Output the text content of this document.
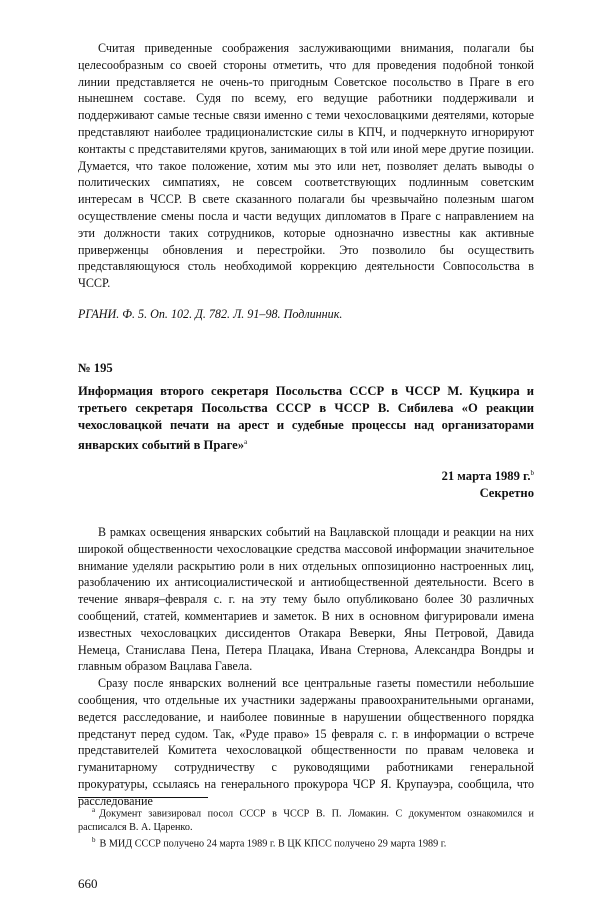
Считая приведенные соображения заслуживающими внимания, полагали бы целесообразным со своей стороны отметить, что для проведения подобной тонкой линии представляется не очень-то пригодным Советское посольство в Праге в его нынешнем составе. Судя по всему, его ведущие работники поддерживали и поддерживают самые тесные связи именно с теми чехословацкими деятелями, которые представляют наиболее традиционалистские силы в КПЧ, и подчеркнуто игнорируют контакты с представителями кругов, занимающих в той или иной мере другие позиции. Думается, что такое положение, хотим мы это или нет, позволяет делать выводы о политических симпатиях, не совсем соответствующих подлинным советским интересам в ЧССР. В свете сказанного полагали бы чрезвычайно полезным шагом осуществление смены посла и части ведущих дипломатов в Праге с направлением на эти должности таких сотрудников, которые однозначно известны как активные приверженцы обновления и перестройки. Это позволило бы осуществить представляющуюся столь необходимой коррекцию деятельности Совпосольства в ЧССР.

РГАНИ. Ф. 5. Оп. 102. Д. 782. Л. 91–98. Подлинник.

№ 195
Информация второго секретаря Посольства СССР в ЧССР М. Куцкира и третьего секретаря Посольства СССР в ЧССР В. Сибилева «О реакции чехословацкой печати на арест и судебные процессы над организаторами январских событий в Праге»$^a$
21 марта 1989 г.$^b$
Секретно

В рамках освещения январских событий на Вацлавской площади и реакции на них широкой общественности чехословацкие средства массовой информации значительное внимание уделяли раскрытию роли в них отдельных оппозиционно настроенных лиц, разоблачению их антисоциалистической и антиобщественной деятельности. Всего в течение января–февраля с. г. на эту тему было опубликовано более 30 различных сообщений, статей, комментариев и заметок. В них в основном фигурировали имена известных чехословацких диссидентов Отакара Веверки, Яны Петровой, Давида Немеца, Станислава Пена, Петера Плацака, Ивана Стернова, Александра Вондры и главным образом Вацлава Гавела.

Сразу после январских волнений все центральные газеты поместили небольшие сообщения, что отдельные их участники задержаны правоохранительными органами, ведется расследование, и наиболее повинные в нарушении общественного порядка предстанут перед судом. Так, «Руде право» 15 февраля с. г. в информации о встрече представителей Комитета чехословацкой общественности по правам человека и гуманитарному сотрудничеству с руководящими работниками генеральной прокуратуры, ссылаясь на генерального прокурора ЧСР Я. Крупауэра, сообщила, что расследование

$^a$ Документ завизировал посол СССР в ЧССР В. П. Ломакин. С документом ознакомился и расписался В. А. Царенко.

$^b$ В МИД СССР получено 24 марта 1989 г. В ЦК КПСС получено 29 марта 1989 г.

660
